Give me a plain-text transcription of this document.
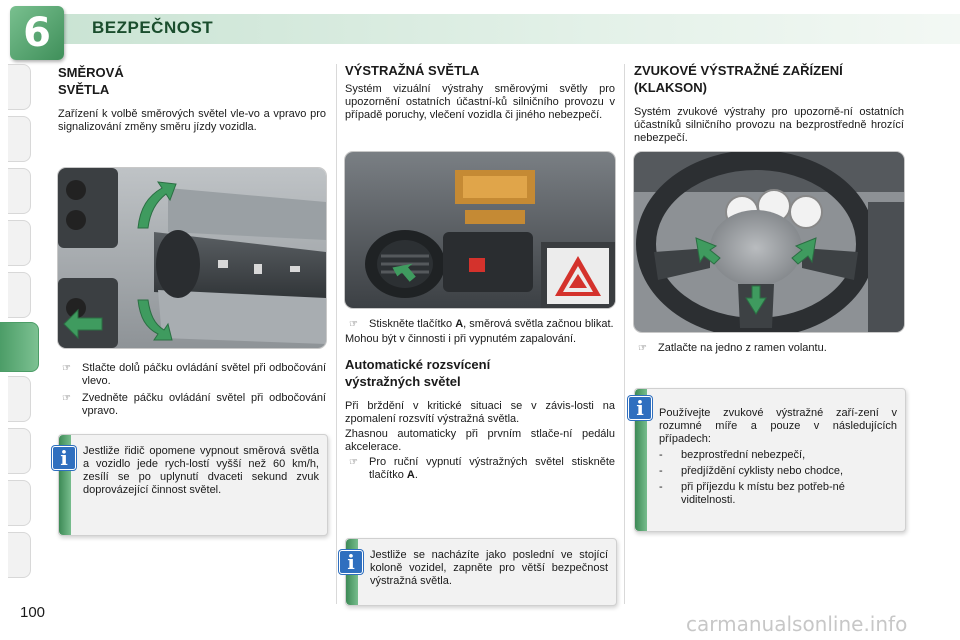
6	BEZPEČNOST
SMĚROVÁ
SVĚTLA

Zařízení k volbě směrových světel vle-vo a vpravo pro signalizování změny směru jízdy vozidla.

☞ Stlačte dolů páčku ovládání světel při odbočování vlevo.
☞ Zvedněte páčku ovládání světel při odbočování vpravo.

Jestliže řidič opomene vypnout směrová světla a vozidlo jede rych-lostí vyšší než 60 km/h, zesílí se po uplynutí dvaceti sekund zvuk doprovázející činnost světel.

i
VÝSTRAŽNÁ SVĚTLA

Systém vizuální výstrahy směrovými světly pro upozornění ostatních účastní-ků silničního provozu v případě poruchy, vlečení vozidla či jiného nebezpečí.

☞ Stiskněte tlačítko A, směrová světla začnou blikat.

Mohou být v činnosti i při vypnutém zapalování.

Automatické rozsvícení
výstražných světel

Při brždění v kritické situaci se v závis-losti na zpomalení rozsvítí výstražná světla.

Zhasnou automaticky při prvním stlače-ní pedálu akcelerace.

☞ Pro ruční vypnutí výstražných světel stiskněte tlačítko A.

Jestliže se nacházíte jako poslední ve stojící koloně vozidel, zapněte pro větší bezpečnost výstražná světla.

i
ZVUKOVÉ VÝSTRAŽNÉ ZAŘÍZENÍ
(KLAKSON)

Systém zvukové výstrahy pro upozorně-ní ostatních účastníků silničního provozu na bezprostředně hrozící nebezpečí.

☞ Zatlačte na jedno z ramen volantu.

Používejte zvukové výstražné zaří-zení v rozumné míře a pouze v následujících případech:

- bezprostřední nebezpečí,
- předjíždění cyklisty nebo chodce,
- při příjezdu k místu bez potřeb-né viditelnosti.
i
100	carmanualsonline.info
